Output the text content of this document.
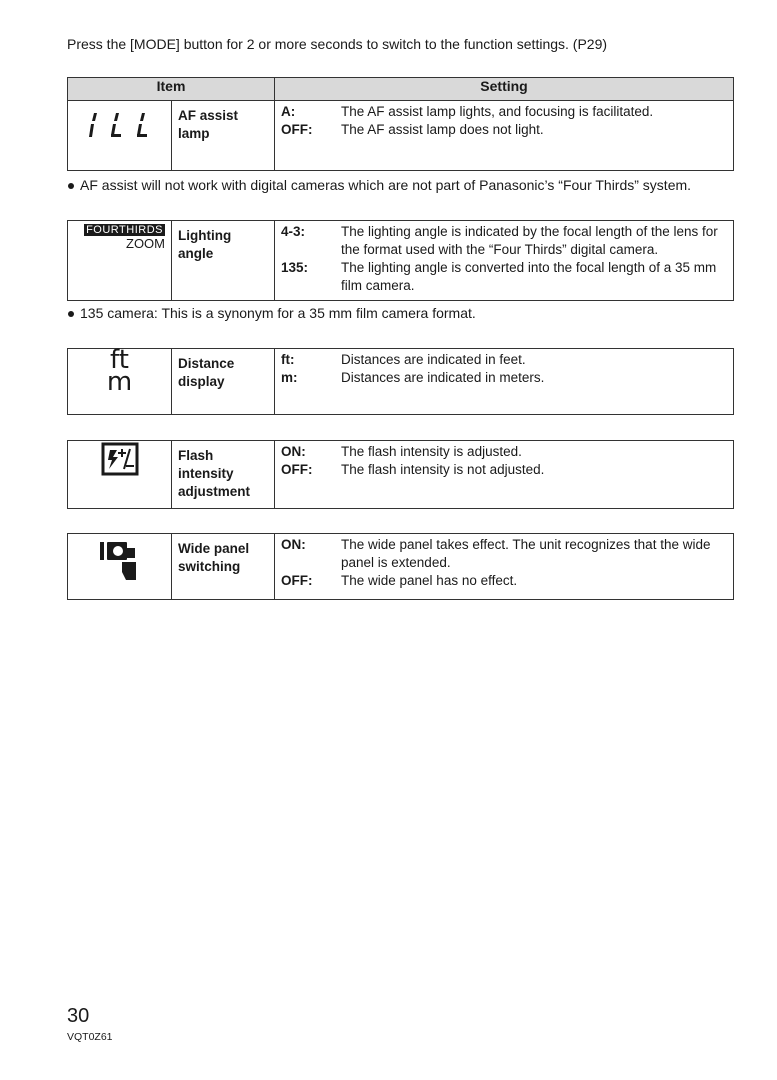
Press the [MODE] button for 2 or more seconds to switch to the function settings. (P29)
Item		Setting
	AF assist lamp	A: The AF assist lamp lights, and focusing is facilitated.
OFF: The AF assist lamp does not light.
AF assist will not work with digital cameras which are not part of Panasonic’s “Four Thirds” system.
FOURTHIRDS
ZOOM
	Lighting angle	
4-3:	The lighting angle is indicated by the focal length of the lens for the format used with the “Four Thirds” digital camera.
135:	The lighting angle is converted into the focal length of a 35 mm film camera.
135 camera: This is a synonym for a 35 mm film camera format.
ft
m
	Distance display	
ft:	Distances are indicated in feet.
m:	Distances are indicated in meters.
	Flash intensity adjustment	
ON:	The flash intensity is adjusted.
OFF:	The flash intensity is not adjusted.
	Wide panel switching	
ON:	The wide panel takes effect. The unit recognizes that the wide panel is extended.
OFF:	The wide panel has no effect.
30
VQT0Z61
